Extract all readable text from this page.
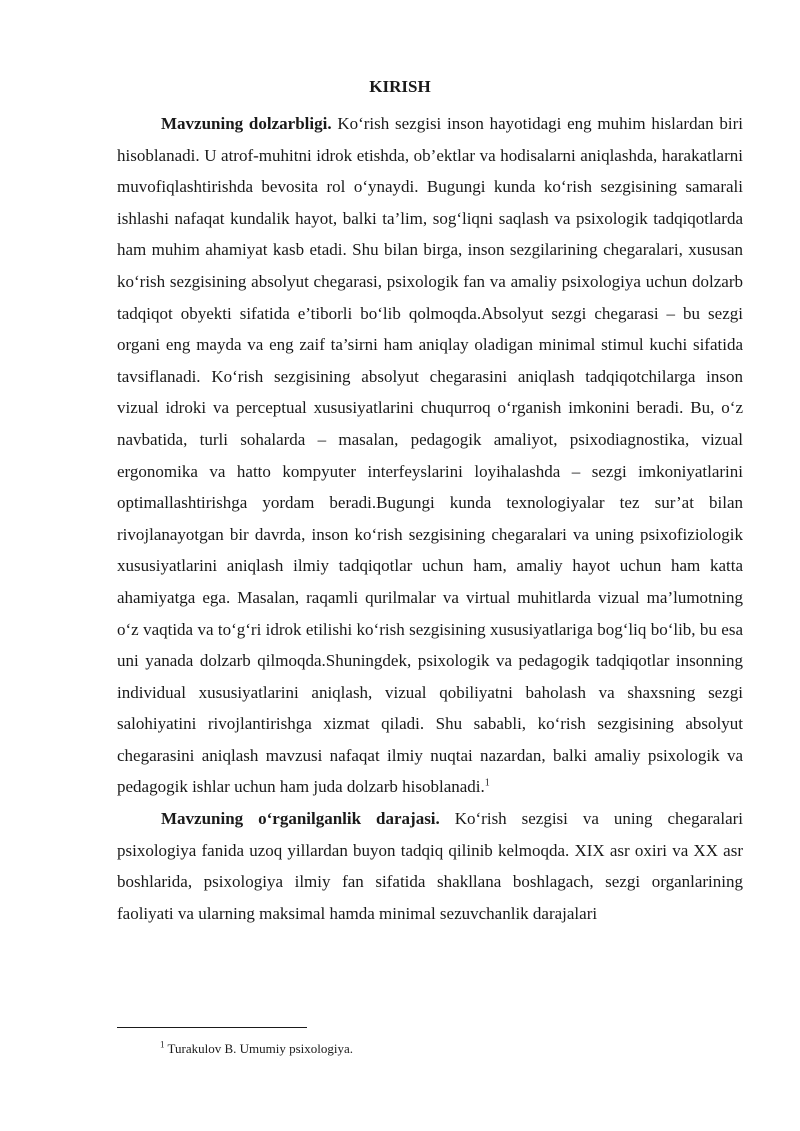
KIRISH

Mavzuning dolzarbligi. Ko‘rish sezgisi inson hayotidagi eng muhim hislardan biri hisoblanadi. U atrof-muhitni idrok etishda, ob’ektlar va hodisalarni aniqlashda, harakatlarni muvofiqlashtirishda bevosita rol o‘ynaydi. Bugungi kunda ko‘rish sezgisining samarali ishlashi nafaqat kundalik hayot, balki ta’lim, sog‘liqni saqlash va psixologik tadqiqotlarda ham muhim ahamiyat kasb etadi. Shu bilan birga, inson sezgilarining chegaralari, xususan ko‘rish sezgisining absolyut chegarasi, psixologik fan va amaliy psixologiya uchun dolzarb tadqiqot obyekti sifatida e’tiborli bo‘lib qolmoqda.Absolyut sezgi chegarasi – bu sezgi organi eng mayda va eng zaif ta’sirni ham aniqlay oladigan minimal stimul kuchi sifatida tavsiflanadi. Ko‘rish sezgisining absolyut chegarasini aniqlash tadqiqotchilarga inson vizual idroki va perceptual xususiyatlarini chuqurroq o‘rganish imkonini beradi. Bu, o‘z navbatida, turli sohalarda – masalan, pedagogik amaliyot, psixodiagnostika, vizual ergonomika va hatto kompyuter interfeyslarini loyihalashda – sezgi imkoniyatlarini optimallashtirishga yordam beradi.Bugungi kunda texnologiyalar tez sur’at bilan rivojlanayotgan bir davrda, inson ko‘rish sezgisining chegaralari va uning psixofiziologik xususiyatlarini aniqlash ilmiy tadqiqotlar uchun ham, amaliy hayot uchun ham katta ahamiyatga ega. Masalan, raqamli qurilmalar va virtual muhitlarda vizual ma’lumotning o‘z vaqtida va to‘g‘ri idrok etilishi ko‘rish sezgisining xususiyatlariga bog‘liq bo‘lib, bu esa uni yanada dolzarb qilmoqda.Shuningdek, psixologik va pedagogik tadqiqotlar insonning individual xususiyatlarini aniqlash, vizual qobiliyatni baholash va shaxsning sezgi salohiyatini rivojlantirishga xizmat qiladi. Shu sababli, ko‘rish sezgisining absolyut chegarasini aniqlash mavzusi nafaqat ilmiy nuqtai nazardan, balki amaliy psixologik va pedagogik ishlar uchun ham juda dolzarb hisoblanadi.$^1$

Mavzuning o‘rganilganlik darajasi. Ko‘rish sezgisi va uning chegaralari psixologiya fanida uzoq yillardan buyon tadqiq qilinib kelmoqda. XIX asr oxiri va XX asr boshlarida, psixologiya ilmiy fan sifatida shakllana boshlagach, sezgi organlarining faoliyati va ularning maksimal hamda minimal sezuvchanlik darajalari

$^1$ Turakulov B. Umumiy psixologiya.
